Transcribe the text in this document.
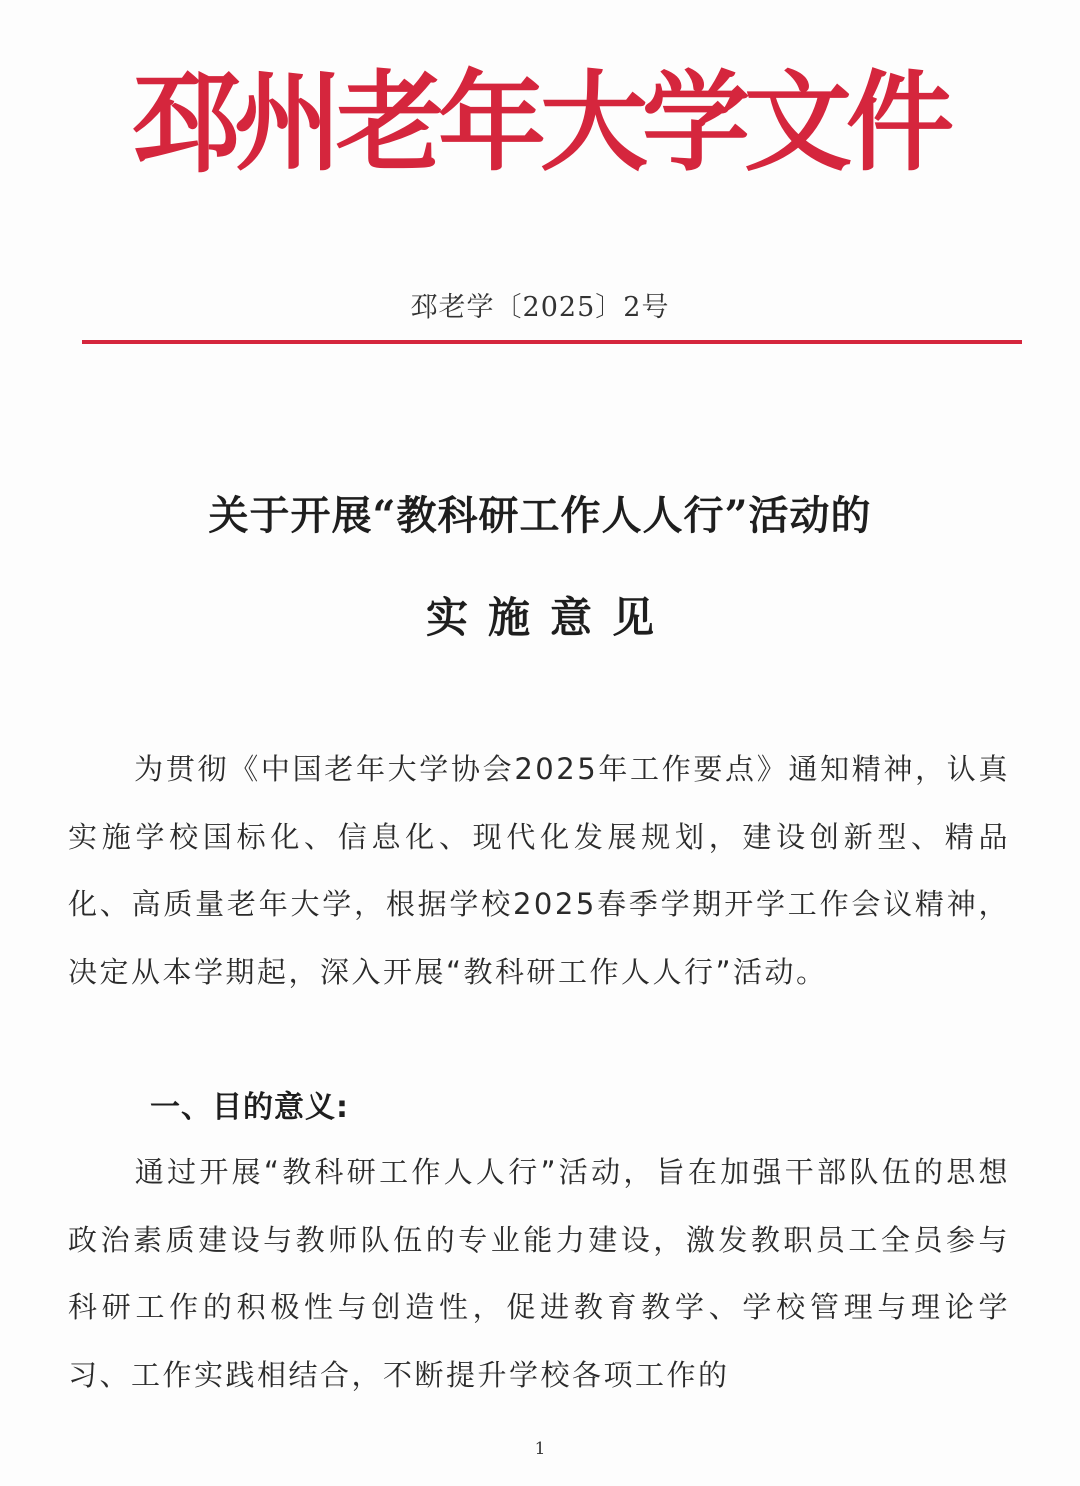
邳州老年大学文件
邳老学〔2025〕2号
关于开展“教科研工作人人行”活动的
实施意见
为贯彻《中国老年大学协会2025年工作要点》通知精神，认真实施学校国标化、信息化、现代化发展规划，建设创新型、精品化、高质量老年大学，根据学校2025春季学期开学工作会议精神，决定从本学期起，深入开展“教科研工作人人行”活动。
一、目的意义:
通过开展“教科研工作人人行”活动，旨在加强干部队伍的思想政治素质建设与教师队伍的专业能力建设，激发教职员工全员参与科研工作的积极性与创造性，促进教育教学、学校管理与理论学习、工作实践相结合，不断提升学校各项工作的
1
